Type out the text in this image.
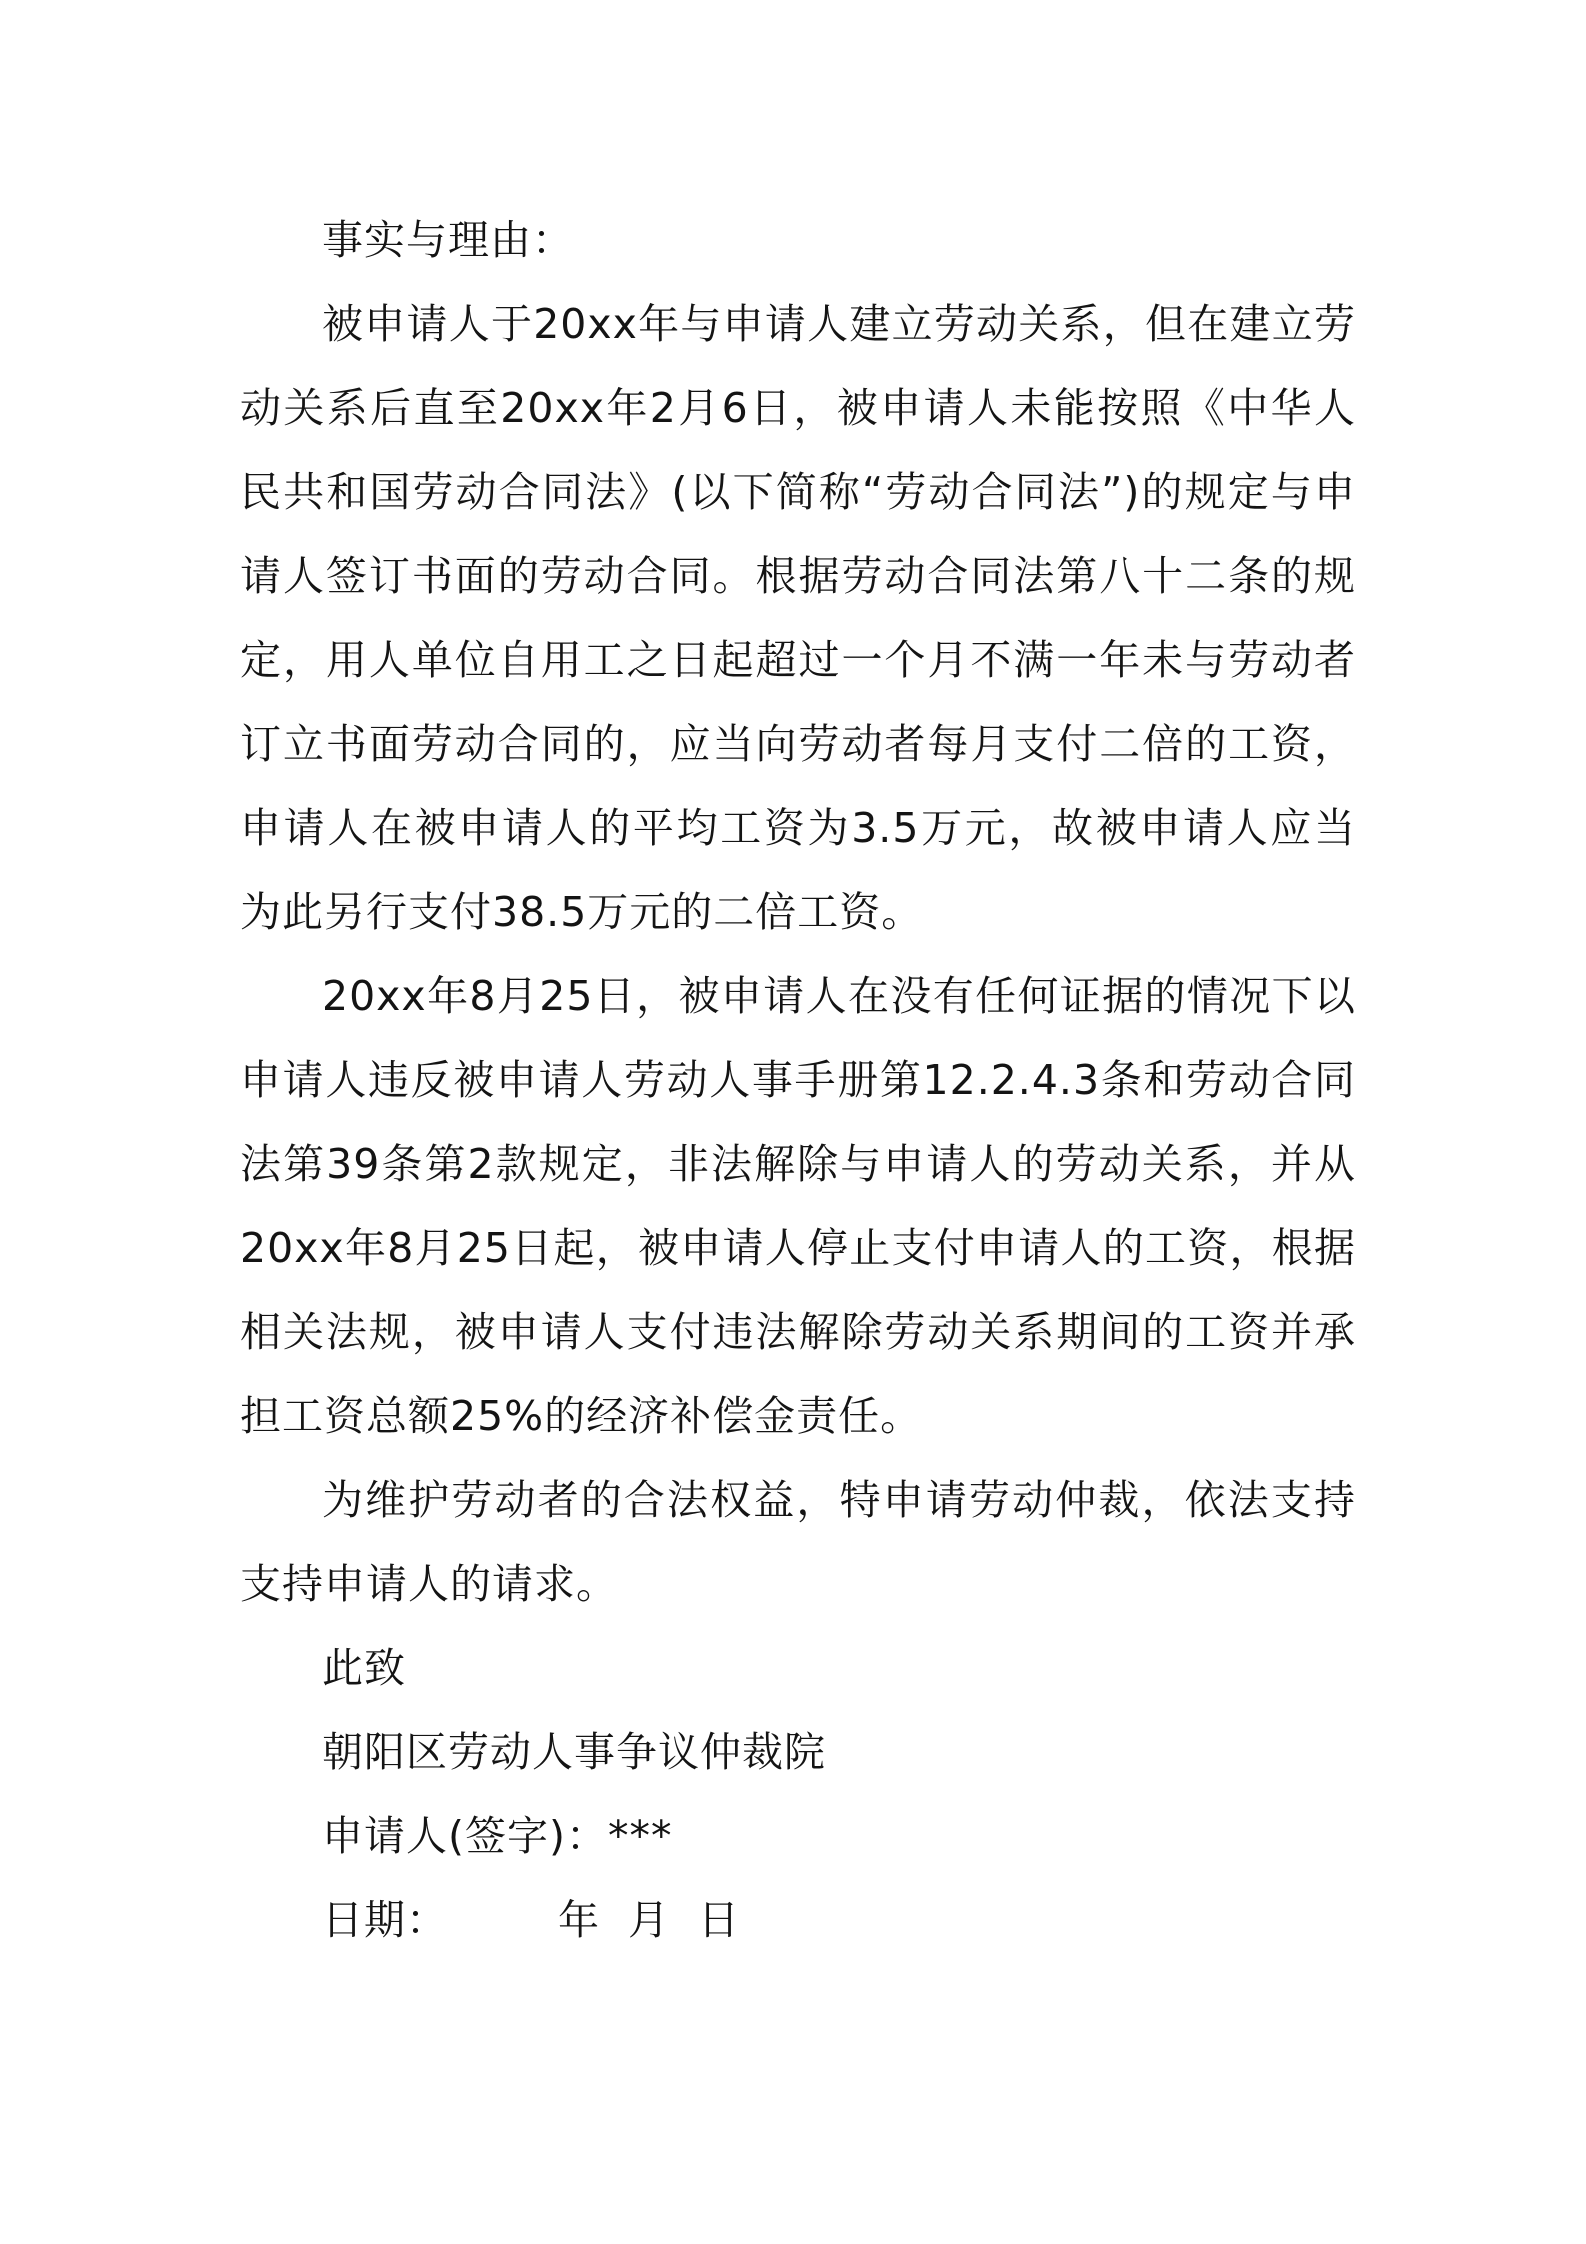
事实与理由：

被申请人于20xx年与申请人建立劳动关系，但在建立劳动关系后直至20xx年2月6日，被申请人未能按照《中华人民共和国劳动合同法》(以下简称“劳动合同法”)的规定与申请人签订书面的劳动合同。根据劳动合同法第八十二条的规定，用人单位自用工之日起超过一个月不满一年未与劳动者订立书面劳动合同的，应当向劳动者每月支付二倍的工资，申请人在被申请人的平均工资为3.5万元，故被申请人应当为此另行支付38.5万元的二倍工资。

20xx年8月25日，被申请人在没有任何证据的情况下以申请人违反被申请人劳动人事手册第12.2.4.3条和劳动合同法第39条第2款规定，非法解除与申请人的劳动关系，并从20xx年8月25日起，被申请人停止支付申请人的工资，根据相关法规，被申请人支付违法解除劳动关系期间的工资并承担工资总额25%的经济补偿金责任。

为维护劳动者的合法权益，特申请劳动仲裁，依法支持支持申请人的请求。

此致

朝阳区劳动人事争议仲裁院

申请人(签字)：***

日期：	年 月 日
